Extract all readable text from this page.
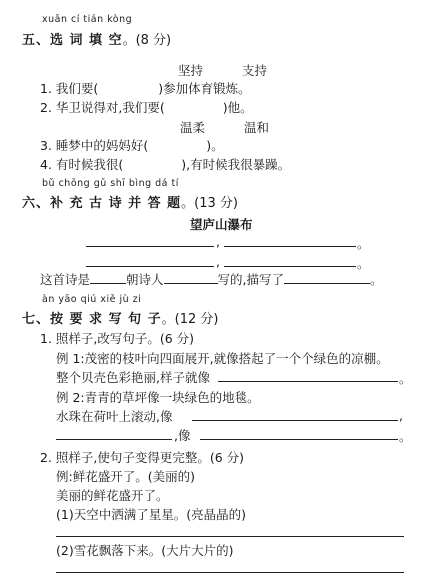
xuǎn cí tián kòng
五、选 词 填 空。(8 分)
坚持	支持
1. 我们要(	)参加体育锻炼。
2. 华卫说得对,我们要(	)他。
温柔	温和
3. 睡梦中的妈妈好(	)。
4. 有时候我很(	),有时候我很暴躁。
bǔ chōng gǔ shī bìng dá tí
六、补 充 古 诗 并 答 题。(13 分)
望庐山瀑布
,	。
,	。
这首诗是	朝诗人	写的,描写了	。
àn yāo qiú xiě jù zi
七、按 要 求 写 句 子。(12 分)
1. 照样子,改写句子。(6 分)
例 1:茂密的枝叶向四面展开,就像搭起了一个个绿色的凉棚。
整个贝壳色彩艳丽,样子就像	。
例 2:青青的草坪像一块绿色的地毯。
水珠在荷叶上滚动,像	,
,像	。
2. 照样子,使句子变得更完整。(6 分)
例:鲜花盛开了。(美丽的)
美丽的鲜花盛开了。
(1)天空中洒满了星星。(亮晶晶的)
(2)雪花飘落下来。(大片大片的)
